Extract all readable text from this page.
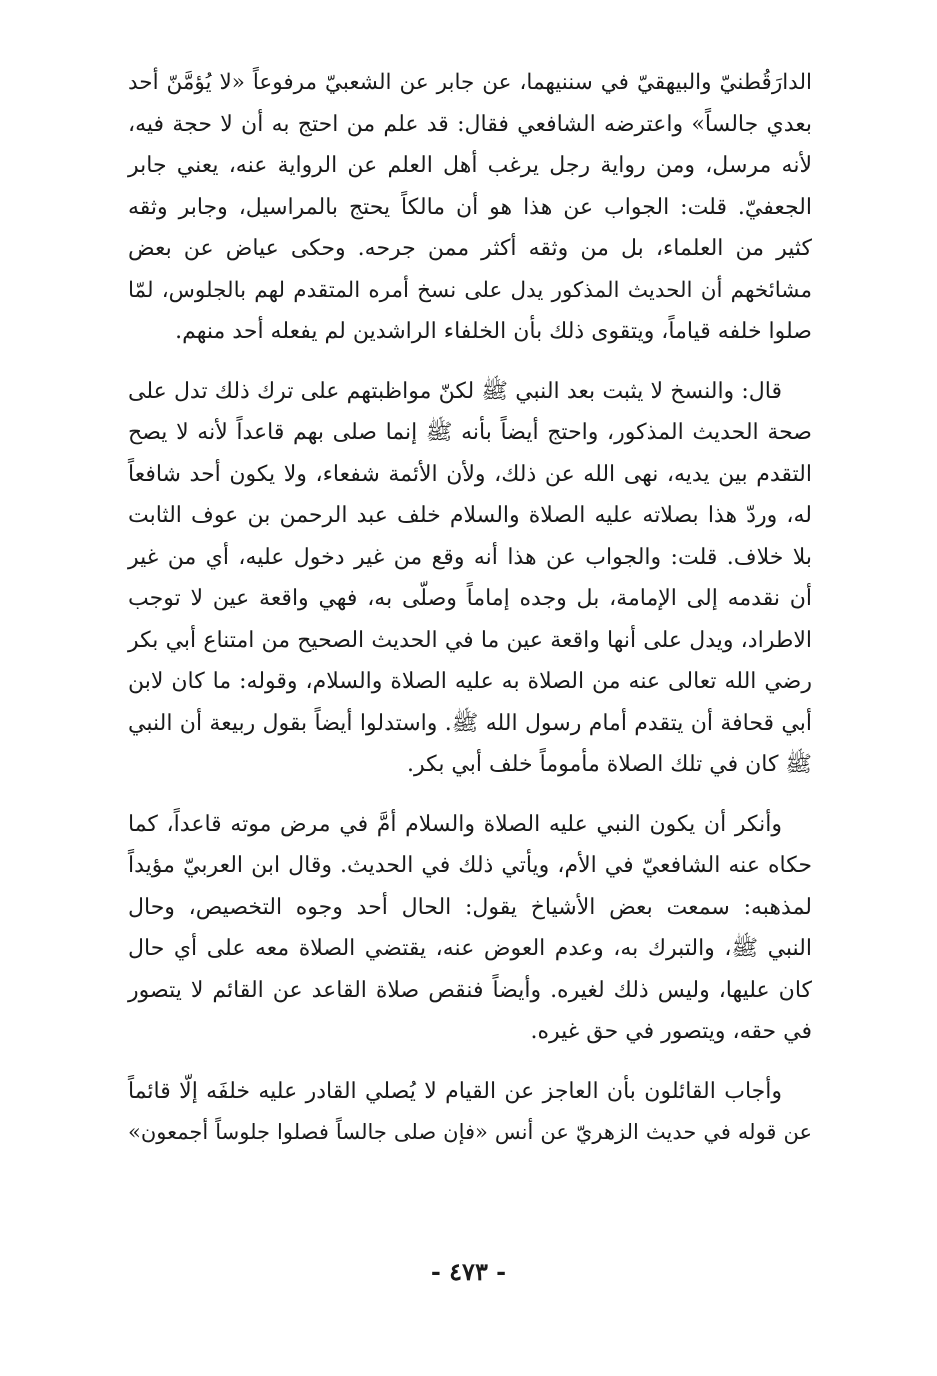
الدارَقُطنيّ والبيهقيّ في سننيهما، عن جابر عن الشعبيّ مرفوعاً «لا يُؤمَّنّ أحد
بعدي جالساً» واعترضه الشافعي فقال: قد علم من احتج به أن لا حجة فيه،
لأنه مرسل، ومن رواية رجل يرغب أهل العلم عن الرواية عنه، يعني جابر
الجعفيّ. قلت: الجواب عن هذا هو أن مالكاً يحتج بالمراسيل، وجابر وثقه
كثير من العلماء، بل من وثقه أكثر ممن جرحه. وحكى عياض عن بعض
مشائخهم أن الحديث المذكور يدل على نسخ أمره المتقدم لهم بالجلوس، لمّا
صلوا خلفه قياماً، ويتقوى ذلك بأن الخلفاء الراشدين لم يفعله أحد منهم.
قال: والنسخ لا يثبت بعد النبي ﷺ لكنّ مواظبتهم على ترك ذلك تدل على
صحة الحديث المذكور، واحتج أيضاً بأنه ﷺ إنما صلى بهم قاعداً لأنه لا يصح
التقدم بين يديه، نهى الله عن ذلك، ولأن الأئمة شفعاء، ولا يكون أحد شافعاً
له، وردّ هذا بصلاته عليه الصلاة والسلام خلف عبد الرحمن بن عوف الثابت
بلا خلاف. قلت: والجواب عن هذا أنه وقع من غير دخول عليه، أي من غير
أن نقدمه إلى الإمامة، بل وجده إماماً وصلّى به، فهي واقعة عين لا توجب
الاطراد، ويدل على أنها واقعة عين ما في الحديث الصحيح من امتناع أبي بكر
رضي الله تعالى عنه من الصلاة به عليه الصلاة والسلام، وقوله: ما كان لابن
أبي قحافة أن يتقدم أمام رسول الله ﷺ. واستدلوا أيضاً بقول ربيعة أن النبي
ﷺ كان في تلك الصلاة مأموماً خلف أبي بكر.
وأنكر أن يكون النبي عليه الصلاة والسلام أمَّ في مرض موته قاعداً، كما
حكاه عنه الشافعيّ في الأم، ويأتي ذلك في الحديث. وقال ابن العربيّ مؤيداً
لمذهبه: سمعت بعض الأشياخ يقول: الحال أحد وجوه التخصيص، وحال
النبي ﷺ، والتبرك به، وعدم العوض عنه، يقتضي الصلاة معه على أي حال
كان عليها، وليس ذلك لغيره. وأيضاً فنقص صلاة القاعد عن القائم لا يتصور
في حقه، ويتصور في حق غيره.
وأجاب القائلون بأن العاجز عن القيام لا يُصلي القادر عليه خلفَه إلّا قائماً
عن قوله في حديث الزهريّ عن أنس «فإن صلى جالساً فصلوا جلوساً أجمعون»
- ٤٧٣ -
